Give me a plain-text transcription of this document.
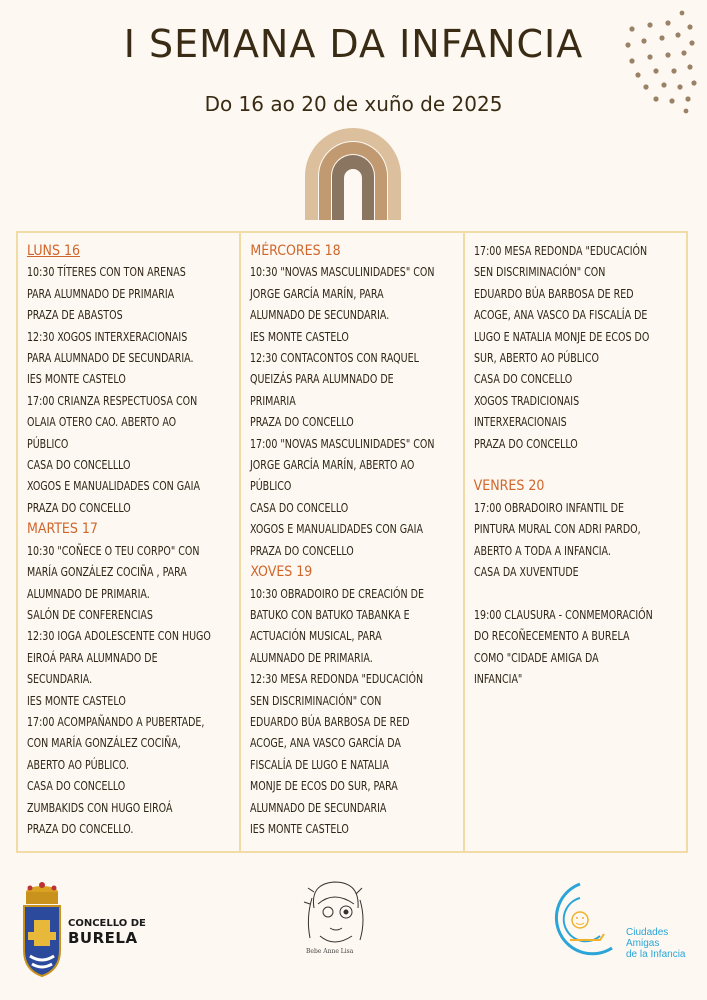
I SEMANA DA INFANCIA
Do 16 ao 20 de xuño de 2025
LUNS 16
10:30 TÍTERES CON TON ARENAS
PARA ALUMNADO DE PRIMARIA
PRAZA DE ABASTOS
12:30 XOGOS INTERXERACIONAIS
PARA ALUMNADO DE SECUNDARIA.
IES MONTE CASTELO
17:00 CRIANZA RESPECTUOSA CON
OLAIA OTERO CAO. ABERTO AO
PÚBLICO
CASA DO CONCELLLO
XOGOS E MANUALIDADES CON GAIA
PRAZA DO CONCELLO
MARTES 17
10:30 "COÑECE O TEU CORPO" CON
MARÍA GONZÁLEZ COCIÑA , PARA
ALUMNADO DE PRIMARIA.
SALÓN DE CONFERENCIAS
12:30 IOGA ADOLESCENTE CON HUGO
EIROÁ PARA ALUMNADO DE
SECUNDARIA.
IES MONTE CASTELO
17:00 ACOMPAÑANDO A PUBERTADE,
CON MARÍA GONZÁLEZ COCIÑA,
ABERTO AO PÚBLICO.
CASA DO CONCELLO
ZUMBAKIDS CON HUGO EIROÁ
PRAZA DO CONCELLO.
MÉRCORES 18
10:30 "NOVAS MASCULINIDADES" CON
JORGE GARCÍA MARÍN, PARA
ALUMNADO DE SECUNDARIA.
IES MONTE CASTELO
12:30 CONTACONTOS CON RAQUEL
QUEIZÁS PARA ALUMNADO DE
PRIMARIA
PRAZA DO CONCELLO
17:00 "NOVAS MASCULINIDADES" CON
JORGE GARCÍA MARÍN, ABERTO AO
PÚBLICO
CASA DO CONCELLO
XOGOS E MANUALIDADES CON GAIA
PRAZA DO CONCELLO
XOVES 19
10:30 OBRADOIRO DE CREACIÓN DE
BATUKO CON BATUKO TABANKA E
ACTUACIÓN MUSICAL, PARA
ALUMNADO DE PRIMARIA.
12:30 MESA REDONDA "EDUCACIÓN
SEN DISCRIMINACIÓN" CON
EDUARDO BÚA BARBOSA DE RED
ACOGE, ANA VASCO GARCÍA DA
FISCALÍA DE LUGO E NATALIA
MONJE DE ECOS DO SUR, PARA
ALUMNADO DE SECUNDARIA
IES MONTE CASTELO
17:00 MESA REDONDA "EDUCACIÓN
SEN DISCRIMINACIÓN" CON
EDUARDO BÚA BARBOSA DE RED
ACOGE, ANA VASCO DA FISCALÍA DE
LUGO E NATALIA MONJE DE ECOS DO
SUR, ABERTO AO PÚBLICO
CASA DO CONCELLO
XOGOS TRADICIONAIS
INTERXERACIONAIS
PRAZA DO CONCELLO
VENRES 20
17:00 OBRADOIRO INFANTIL DE
PINTURA MURAL CON ADRI PARDO,
ABERTO A TODA A INFANCIA.
CASA DA XUVENTUDE
19:00 CLAUSURA - CONMEMORACIÓN
DO RECOÑECEMENTO A BURELA
COMO "CIDADE AMIGA DA
INFANCIA"
CONCELLO DE
BURELA
Bebe Anne Lisa
Ciudades
Amigas
de la Infancia
